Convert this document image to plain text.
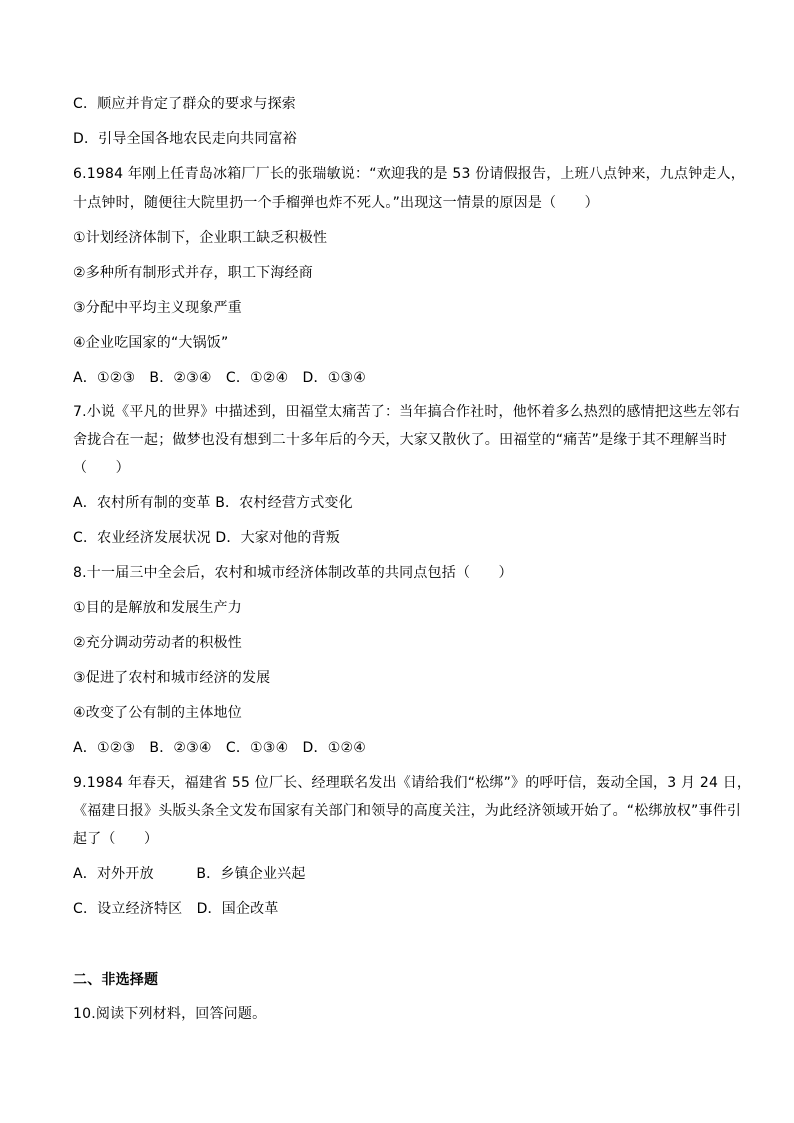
C．顺应并肯定了群众的要求与探索
D．引导全国各地农民走向共同富裕
6.1984 年刚上任青岛冰箱厂厂长的张瑞敏说：“欢迎我的是 53 份请假报告，上班八点钟来，九点钟走人，
十点钟时，随便往大院里扔一个手榴弹也炸不死人。”出现这一情景的原因是（　　）
①计划经济体制下，企业职工缺乏积极性
②多种所有制形式并存，职工下海经商
③分配中平均主义现象严重
④企业吃国家的“大锅饭”
A．①②③　B．②③④　C．①②④　D．①③④
7.小说《平凡的世界》中描述到，田福堂太痛苦了：当年搞合作社时，他怀着多么热烈的感情把这些左邻右
舍拢合在一起；做梦也没有想到二十多年后的今天，大家又散伙了。田福堂的“痛苦”是缘于其不理解当时
（　　）
A．农村所有制的变革 B．农村经营方式变化
C．农业经济发展状况 D．大家对他的背叛
8.十一届三中全会后，农村和城市经济体制改革的共同点包括（　　）
①目的是解放和发展生产力
②充分调动劳动者的积极性
③促进了农村和城市经济的发展
④改变了公有制的主体地位
A．①②③　B．②③④　C．①③④　D．①②④
9.1984 年春天，福建省 55 位厂长、经理联名发出《请给我们“松绑”》的呼吁信，轰动全国，3 月 24 日，
《福建日报》头版头条全文发布国家有关部门和领导的高度关注，为此经济领域开始了。“松绑放权”事件引
起了（　　）
A．对外开放　　　B．乡镇企业兴起
C．设立经济特区　D．国企改革
二、非选择题
10.阅读下列材料，回答问题。
